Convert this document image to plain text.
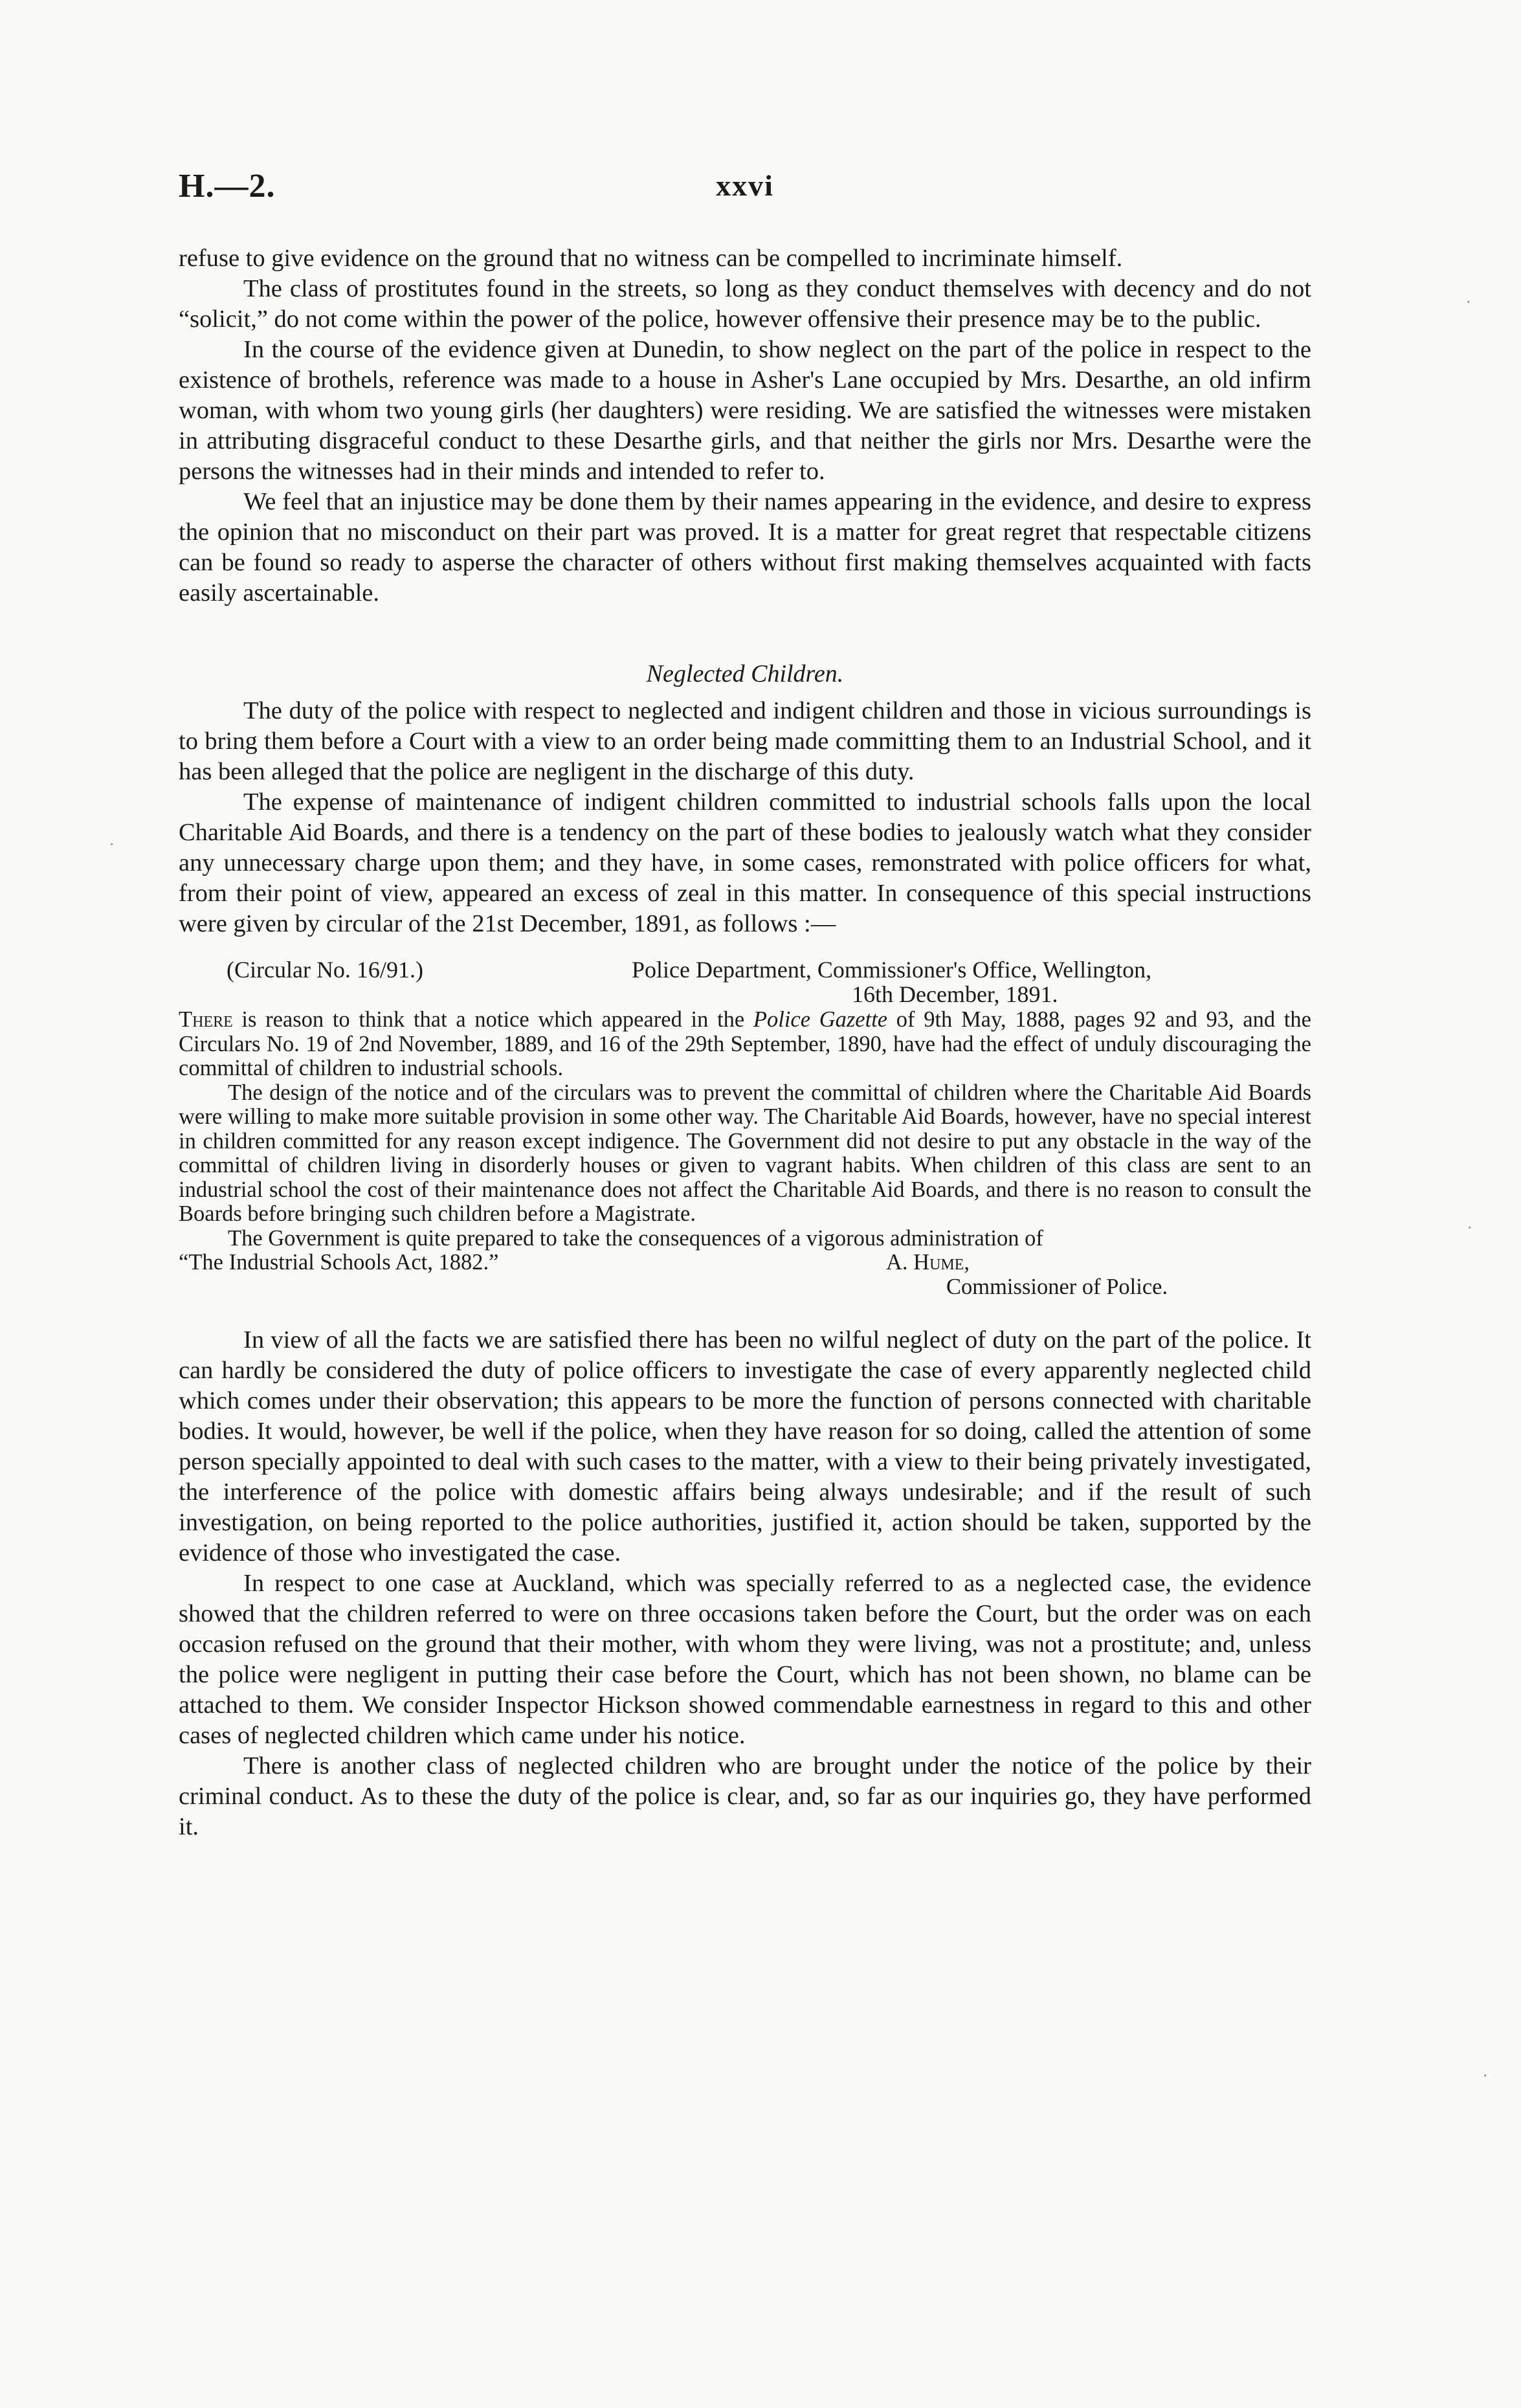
H.—2.	xxvi

refuse to give evidence on the ground that no witness can be compelled to incriminate himself.

The class of prostitutes found in the streets, so long as they conduct themselves with decency and do not “solicit,” do not come within the power of the police, however offensive their presence may be to the public.

In the course of the evidence given at Dunedin, to show neglect on the part of the police in respect to the existence of brothels, reference was made to a house in Asher's Lane occupied by Mrs. Desarthe, an old infirm woman, with whom two young girls (her daughters) were residing. We are satisfied the witnesses were mistaken in attributing disgraceful conduct to these Desarthe girls, and that neither the girls nor Mrs. Desarthe were the persons the witnesses had in their minds and intended to refer to.

We feel that an injustice may be done them by their names appearing in the evidence, and desire to express the opinion that no misconduct on their part was proved. It is a matter for great regret that respectable citizens can be found so ready to asperse the character of others without first making themselves acquainted with facts easily ascertainable.

Neglected Children.

The duty of the police with respect to neglected and indigent children and those in vicious surroundings is to bring them before a Court with a view to an order being made committing them to an Industrial School, and it has been alleged that the police are negligent in the discharge of this duty.

The expense of maintenance of indigent children committed to industrial schools falls upon the local Charitable Aid Boards, and there is a tendency on the part of these bodies to jealously watch what they consider any unnecessary charge upon them; and they have, in some cases, remonstrated with police officers for what, from their point of view, appeared an excess of zeal in this matter. In consequence of this special instructions were given by circular of the 21st December, 1891, as follows :—

(Circular No. 16/91.)	Police Department, Commissioner's Office, Wellington,
16th December, 1891.

There is reason to think that a notice which appeared in the Police Gazette of 9th May, 1888, pages 92 and 93, and the Circulars No. 19 of 2nd November, 1889, and 16 of the 29th September, 1890, have had the effect of unduly discouraging the committal of children to industrial schools.

The design of the notice and of the circulars was to prevent the committal of children where the Charitable Aid Boards were willing to make more suitable provision in some other way. The Charitable Aid Boards, however, have no special interest in children committed for any reason except indigence. The Government did not desire to put any obstacle in the way of the committal of children living in disorderly houses or given to vagrant habits. When children of this class are sent to an industrial school the cost of their maintenance does not affect the Charitable Aid Boards, and there is no reason to consult the Boards before bringing such children before a Magistrate.

The Government is quite prepared to take the consequences of a vigorous administration of

“The Industrial Schools Act, 1882.”	A. Hume,
Commissioner of Police.

In view of all the facts we are satisfied there has been no wilful neglect of duty on the part of the police. It can hardly be considered the duty of police officers to investigate the case of every apparently neglected child which comes under their observation; this appears to be more the function of persons connected with charitable bodies. It would, however, be well if the police, when they have reason for so doing, called the attention of some person specially appointed to deal with such cases to the matter, with a view to their being privately investigated, the interference of the police with domestic affairs being always undesirable; and if the result of such investigation, on being reported to the police authorities, justified it, action should be taken, supported by the evidence of those who investigated the case.

In respect to one case at Auckland, which was specially referred to as a neglected case, the evidence showed that the children referred to were on three occasions taken before the Court, but the order was on each occasion refused on the ground that their mother, with whom they were living, was not a prostitute; and, unless the police were negligent in putting their case before the Court, which has not been shown, no blame can be attached to them. We consider Inspector Hickson showed commendable earnestness in regard to this and other cases of neglected children which came under his notice.

There is another class of neglected children who are brought under the notice of the police by their criminal conduct. As to these the duty of the police is clear, and, so far as our inquiries go, they have performed it.

·
·
·
·
